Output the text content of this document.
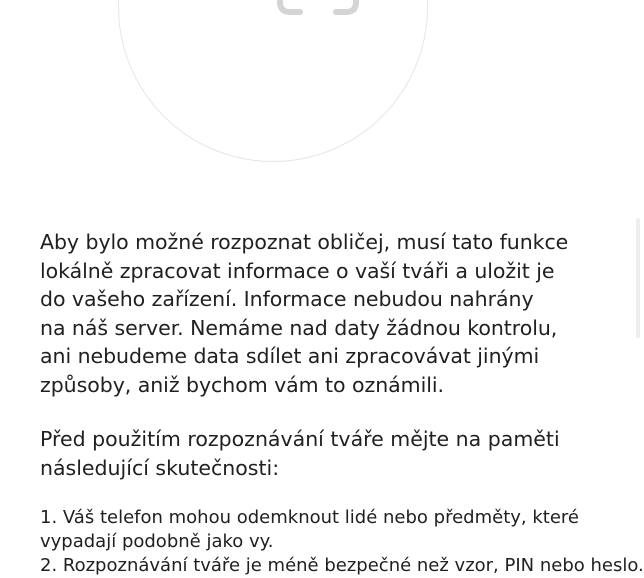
Aby bylo možné rozpoznat obličej, musí tato funkce
lokálně zpracovat informace o vaší tváři a uložit je
do vašeho zařízení. Informace nebudou nahrány
na náš server. Nemáme nad daty žádnou kontrolu,
ani nebudeme data sdílet ani zpracovávat jinými
způsoby, aniž bychom vám to oznámili.

Před použitím rozpoznávání tváře mějte na paměti
následující skutečnosti:

1. Váš telefon mohou odemknout lidé nebo předměty, které
vypadají podobně jako vy.
2. Rozpoznávání tváře je méně bezpečné než vzor, PIN nebo heslo.
